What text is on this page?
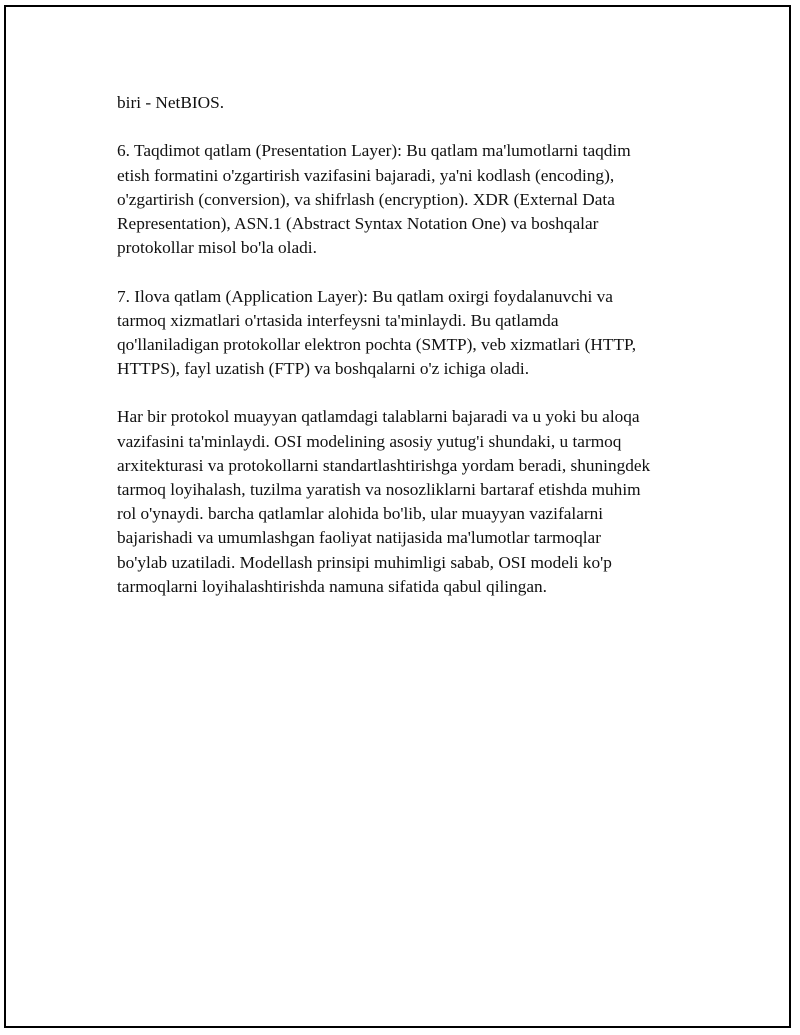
biri - NetBIOS.

6. Taqdimot qatlam (Presentation Layer): Bu qatlam ma'lumotlarni taqdim
etish formatini o'zgartirish vazifasini bajaradi, ya'ni kodlash (encoding),
o'zgartirish (conversion), va shifrlash (encryption). XDR (External Data
Representation), ASN.1 (Abstract Syntax Notation One) va boshqalar
protokollar misol bo'la oladi.

7. Ilova qatlam (Application Layer): Bu qatlam oxirgi foydalanuvchi va
tarmoq xizmatlari o'rtasida interfeysni ta'minlaydi. Bu qatlamda
qo'llaniladigan protokollar elektron pochta (SMTP), veb xizmatlari (HTTP,
HTTPS), fayl uzatish (FTP) va boshqalarni o'z ichiga oladi.

Har bir protokol muayyan qatlamdagi talablarni bajaradi va u yoki bu aloqa
vazifasini ta'minlaydi. OSI modelining asosiy yutug'i shundaki, u tarmoq
arxitekturasi va protokollarni standartlashtirishga yordam beradi, shuningdek
tarmoq loyihalash, tuzilma yaratish va nosozliklarni bartaraf etishda muhim
rol o'ynaydi. barcha qatlamlar alohida bo'lib, ular muayyan vazifalarni
bajarishadi va umumlashgan faoliyat natijasida ma'lumotlar tarmoqlar
bo'ylab uzatiladi. Modellash prinsipi muhimligi sabab, OSI modeli ko'p
tarmoqlarni loyihalashtirishda namuna sifatida qabul qilingan.
